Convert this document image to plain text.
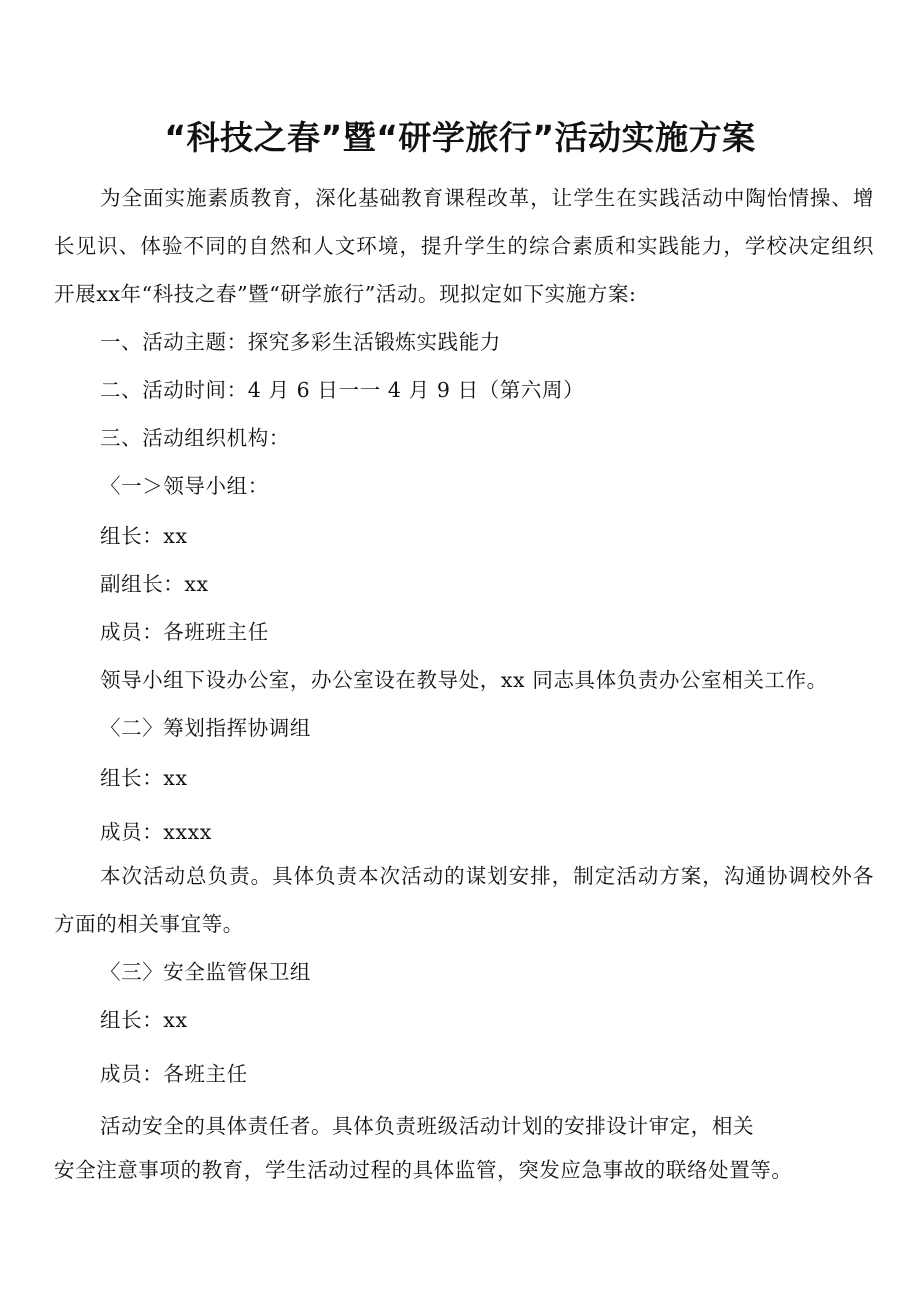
“科技之春”暨“研学旅行”活动实施方案

为全面实施素质教育，深化基础教育课程改革，让学生在实践活动中陶怡情操、增长见识、体验不同的自然和人文环境，提升学生的综合素质和实践能力，学校决定组织开展xx年“科技之春”暨“研学旅行”活动。现拟定如下实施方案:

一、活动主题：探究多彩生活锻炼实践能力

二、活动时间：4 月 6 日一一 4 月 9 日（第六周）

三、活动组织机构：

〈一＞领导小组：

组长：xx

副组长：xx

成员：各班班主任

领导小组下设办公室，办公室设在教导处，xx 同志具体负责办公室相关工作。

〈二〉筹划指挥协调组

组长：xx

成员：xxxx

本次活动总负责。具体负责本次活动的谋划安排，制定活动方案，沟通协调校外各方面的相关事宜等。

〈三〉安全监管保卫组

组长：xx

成员：各班主任

活动安全的具体责任者。具体负责班级活动计划的安排设计审定，相关

安全注意事项的教育，学生活动过程的具体监管，突发应急事故的联络处置等。
